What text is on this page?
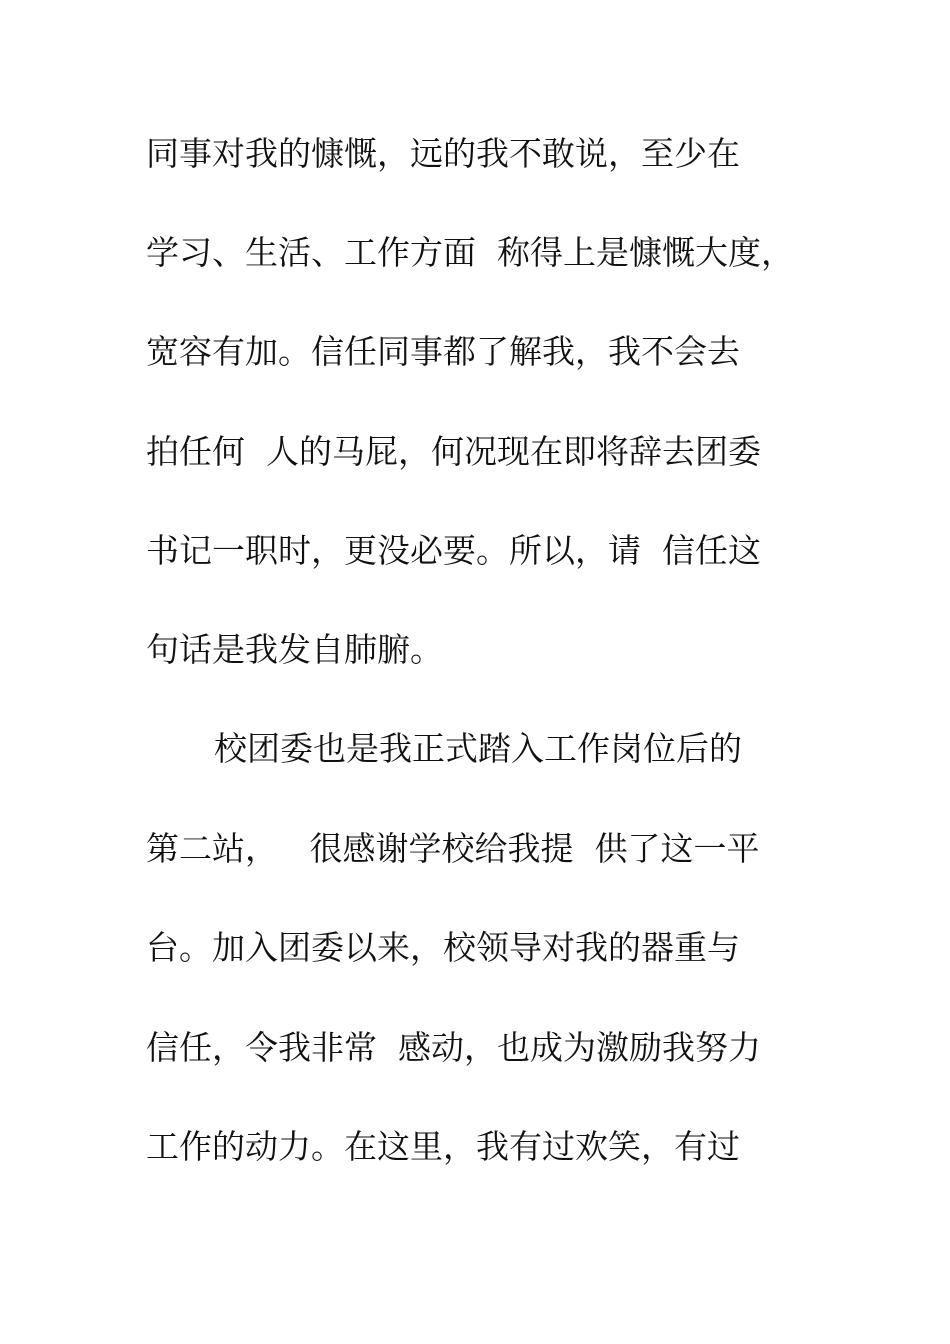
同事对我的慷慨，远的我不敢说，至少在
学习、生活、工作方面  称得上是慷慨大度，
宽容有加。信任同事都了解我，我不会去
拍任何  人的马屁，何况现在即将辞去团委
书记一职时，更没必要。所以，请  信任这
句话是我发自肺腑。
校团委也是我正式踏入工作岗位后的
第二站，   很感谢学校给我提  供了这一平
台。加入团委以来，校领导对我的器重与
信任，令我非常  感动，也成为激励我努力
工作的动力。在这里，我有过欢笑，有过
